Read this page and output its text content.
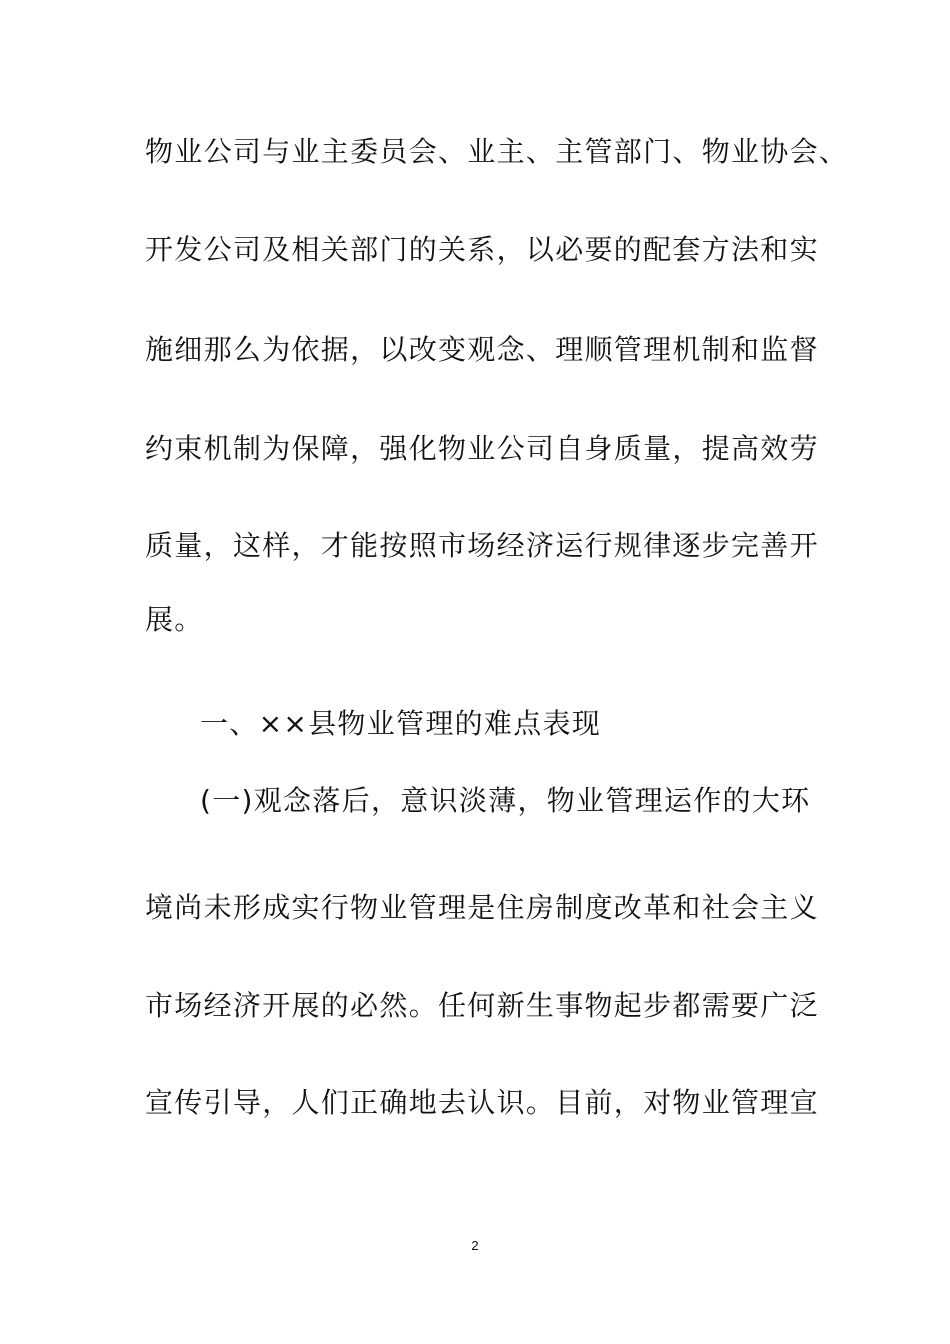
物业公司与业主委员会、业主、主管部门、物业协会、
开发公司及相关部门的关系，以必要的配套方法和实
施细那么为依据，以改变观念、理顺管理机制和监督
约束机制为保障，强化物业公司自身质量，提高效劳
质量，这样，才能按照市场经济运行规律逐步完善开
展。
一、××县物业管理的难点表现
(一)观念落后，意识淡薄，物业管理运作的大环
境尚未形成实行物业管理是住房制度改革和社会主义
市场经济开展的必然。任何新生事物起步都需要广泛
宣传引导，人们正确地去认识。目前，对物业管理宣
2
